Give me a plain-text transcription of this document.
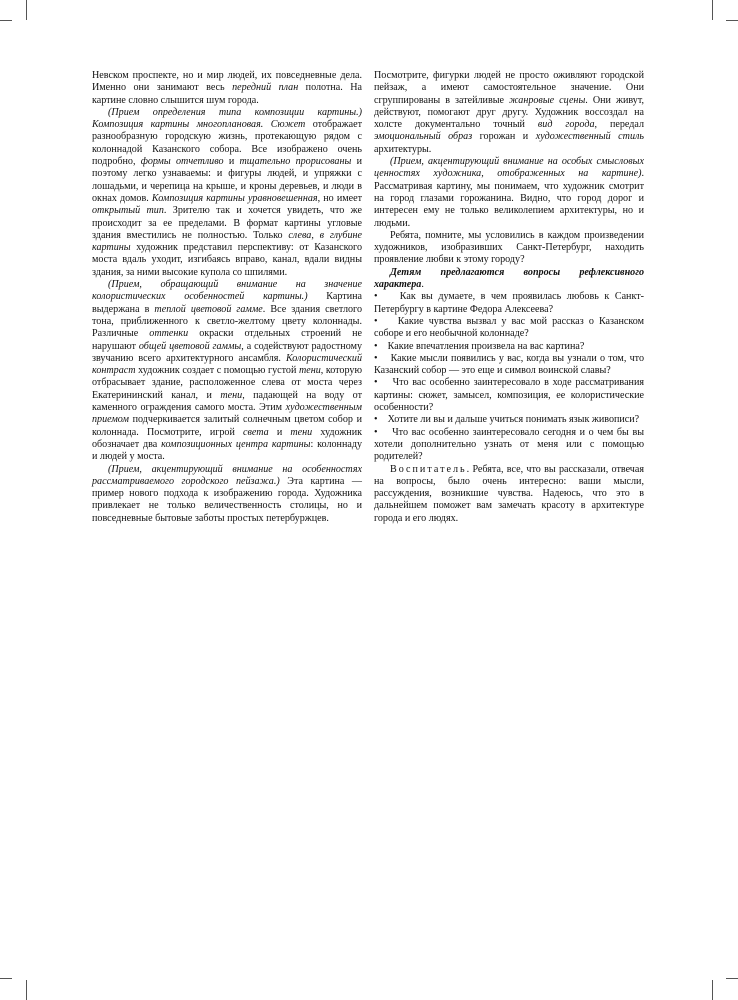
Невском проспекте, но и мир людей, их повседневные дела. Именно они занимают весь передний план полотна. На картине словно слышится шум города.

(Прием определения типа композиции картины.) Композиция картины многоплановая. Сюжет отображает разнообразную городскую жизнь, протекающую рядом с колоннадой Казанского собора. Все изображено очень подробно, формы отчетливо и тщательно прорисованы и поэтому легко узнаваемы: и фигуры людей, и упряжки с лошадьми, и черепица на крыше, и кроны деревьев, и люди в окнах домов. Композиция картины уравновешенная, но имеет открытый тип. Зрителю так и хочется увидеть, что же происходит за ее пределами. В формат картины угловые здания вместились не полностью. Только слева, в глубине картины художник представил перспективу: от Казанского моста вдаль уходит, изгибаясь вправо, канал, вдали видны здания, за ними высокие купола со шпилями.

(Прием, обращающий внимание на значение колористических особенностей картины.) Картина выдержана в теплой цветовой гамме. Все здания светлого тона, приближенного к светло-желтому цвету колоннады. Различные оттенки окраски отдельных строений не нарушают общей цветовой гаммы, а содействуют радостному звучанию всего архитектурного ансамбля. Колористический контраст художник создает с помощью густой тени, которую отбрасывает здание, расположенное слева от моста через Екатерининский канал, и тени, падающей на воду от каменного ограждения самого моста. Этим художественным приемом подчеркивается залитый солнечным цветом собор и колоннада. Посмотрите, игрой света и тени художник обозначает два композиционных центра картины: колоннаду и людей у моста.

(Прием, акцентирующий внимание на особенностях рассматриваемого городского пейзажа.) Эта картина — пример нового подхода к изображению города. Художника привлекает не только величественность столицы, но и повседневные бытовые заботы простых петербуржцев.

Посмотрите, фигурки людей не просто оживляют городской пейзаж, а имеют самостоятельное значение. Они сгруппированы в затейливые жанровые сцены. Они живут, действуют, помогают друг другу. Художник воссоздал на холсте документально точный вид города, передал эмоциональный образ горожан и художественный стиль архитектуры.

(Прием, акцентирующий внимание на особых смысловых ценностях художника, отображенных на картине). Рассматривая картину, мы понимаем, что художник смотрит на город глазами горожанина. Видно, что город дорог и интересен ему не только великолепием архитектуры, но и людьми.

Ребята, помните, мы условились в каждом произведении художников, изобразивших Санкт-Петербург, находить проявление любви к этому городу?

Детям предлагаются вопросы рефлексивного характера.

• Как вы думаете, в чем проявилась любовь к Санкт-Петербургу в картине Федора Алексеева?

• Какие чувства вызвал у вас мой рассказ о Казанском соборе и его необычной колоннаде?

• Какие впечатления произвела на вас картина?

• Какие мысли появились у вас, когда вы узнали о том, что Казанский собор — это еще и символ воинской славы?

• Что вас особенно заинтересовало в ходе рассматривания картины: сюжет, замысел, композиция, ее колористические особенности?

• Хотите ли вы и дальше учиться понимать язык живописи?

• Что вас особенно заинтересовало сегодня и о чем бы вы хотели дополнительно узнать от меня или с помощью родителей?

Воспитатель. Ребята, все, что вы рассказали, отвечая на вопросы, было очень интересно: ваши мысли, рассуждения, возникшие чувства. Надеюсь, что это в дальнейшем поможет вам замечать красоту в архитектуре города и его людях.
